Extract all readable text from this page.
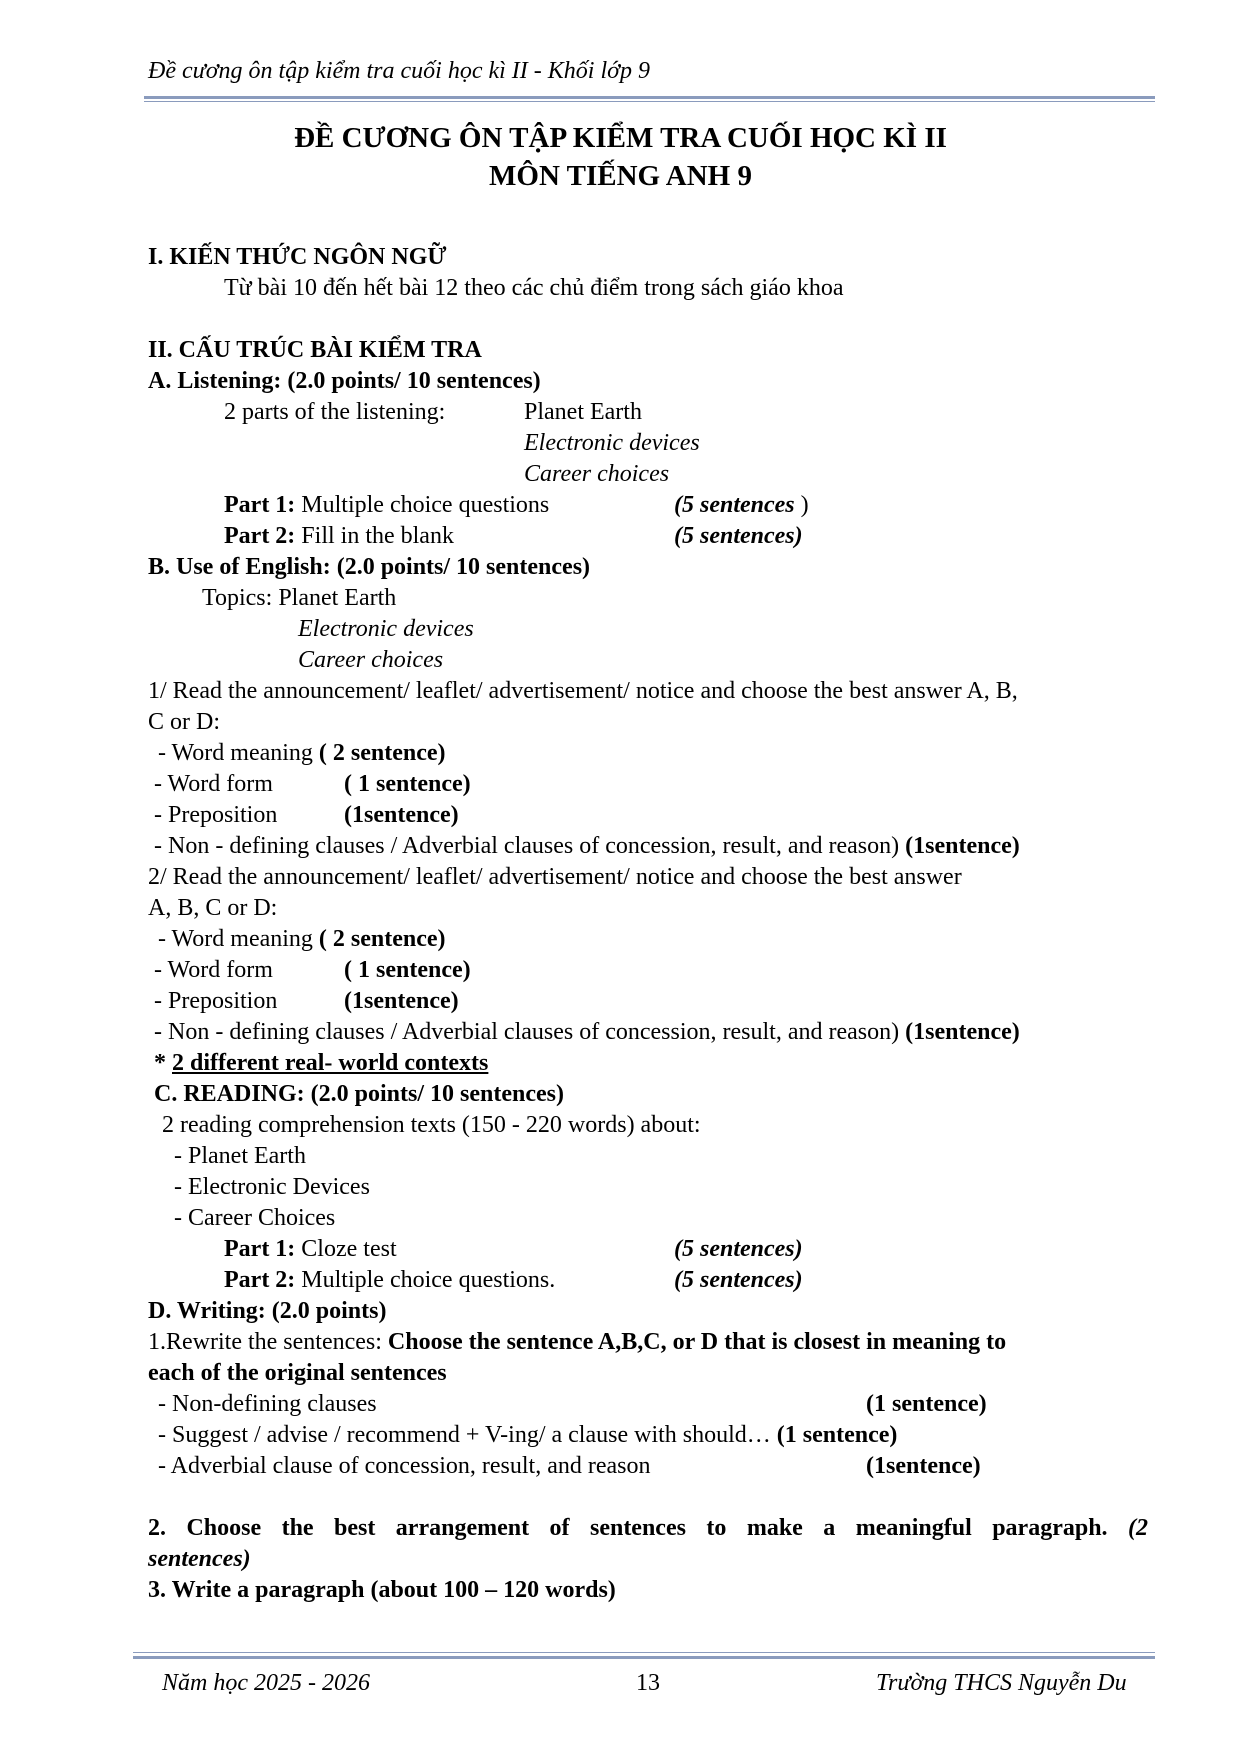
Đề cương ôn tập kiểm tra cuối học kì II - Khối lớp 9
ĐỀ CƯƠNG ÔN TẬP KIỂM TRA CUỐI HỌC KÌ II
MÔN TIẾNG ANH 9
I. KIẾN THỨC NGÔN NGỮ
Từ bài 10 đến hết bài 12 theo các chủ điểm trong sách giáo khoa
II. CẤU TRÚC BÀI KIỂM TRA
A. Listening: (2.0 points/ 10 sentences)
2 parts of the listening:	Planet Earth
Electronic devices
Career choices
Part 1: Multiple choice questions	(5 sentences )
Part 2: Fill in the blank	(5 sentences)
B. Use of English: (2.0 points/ 10 sentences)
Topics: Planet Earth
Electronic devices
Career choices
1/ Read the announcement/ leaflet/ advertisement/ notice and choose the best answer A, B,
C or D:
- Word meaning ( 2 sentence)
- Word form	( 1 sentence)
- Preposition	(1sentence)
- Non - defining clauses / Adverbial clauses of concession, result, and reason) (1sentence)
2/ Read the announcement/ leaflet/ advertisement/ notice and choose the best answer
A, B, C or D:
- Word meaning ( 2 sentence)
- Word form	( 1 sentence)
- Preposition	(1sentence)
- Non - defining clauses / Adverbial clauses of concession, result, and reason) (1sentence)
* 2 different real- world contexts
C. READING: (2.0 points/ 10 sentences)
2 reading comprehension texts (150 - 220 words) about:
- Planet Earth
- Electronic Devices
- Career Choices
Part 1: Cloze test	(5 sentences)
Part 2: Multiple choice questions.	(5 sentences)
D. Writing: (2.0 points)
1.Rewrite the sentences: Choose the sentence A,B,C, or D that is closest in meaning to
each of the original sentences
- Non-defining clauses	(1 sentence)
- Suggest / advise / recommend + V-ing/ a clause with should… (1 sentence)
- Adverbial clause of concession, result, and reason	(1sentence)
2. Choose the best arrangement of sentences to make a meaningful paragraph. (2
sentences)
3. Write a paragraph (about 100 – 120 words)
Năm học 2025 - 2026	13	Trường THCS Nguyễn Du
